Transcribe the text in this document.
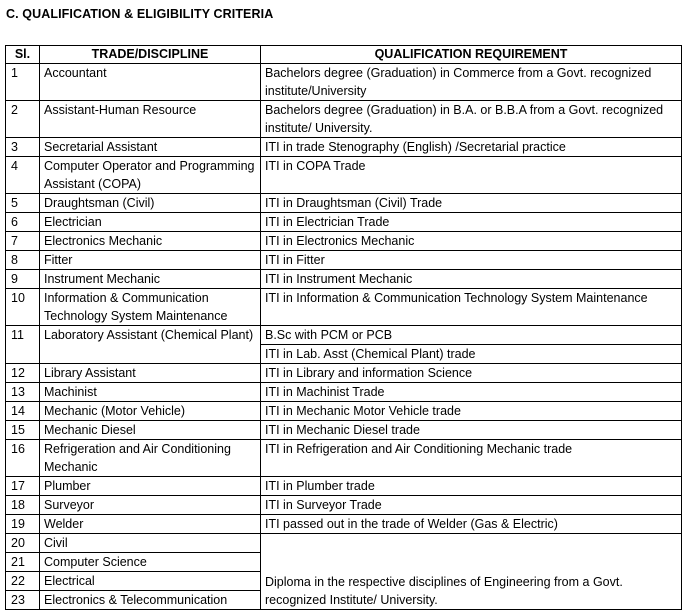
C. QUALIFICATION & ELIGIBILITY CRITERIA
Sl.	TRADE/DISCIPLINE	QUALIFICATION REQUIREMENT
1	Accountant	Bachelors degree (Graduation) in Commerce from a Govt. recognized institute/University
2	Assistant-Human Resource	Bachelors degree (Graduation) in B.A. or B.B.A from a Govt. recognized institute/ University.
3	Secretarial Assistant	ITI in trade Stenography (English) /Secretarial practice
4	Computer Operator and Programming Assistant (COPA)	ITI in COPA Trade
5	Draughtsman (Civil)	ITI in Draughtsman (Civil) Trade
6	Electrician	ITI in Electrician Trade
7	Electronics Mechanic	ITI in Electronics Mechanic
8	Fitter	ITI in Fitter
9	Instrument Mechanic	ITI in Instrument Mechanic
10	Information & Communication Technology System Maintenance	ITI in Information & Communication Technology System Maintenance
11	Laboratory Assistant (Chemical Plant)	B.Sc with PCM or PCB
		ITI in Lab. Asst (Chemical Plant) trade
12	Library Assistant	ITI in Library and information Science
13	Machinist	ITI in Machinist Trade
14	Mechanic (Motor Vehicle)	ITI in Mechanic Motor Vehicle trade
15	Mechanic Diesel	ITI in Mechanic Diesel trade
16	Refrigeration and Air Conditioning Mechanic	ITI in Refrigeration and Air Conditioning Mechanic trade
17	Plumber	ITI in Plumber trade
18	Surveyor	ITI in Surveyor Trade
19	Welder	ITI passed out in the trade of Welder (Gas & Electric)
20	Civil	Diploma in the respective disciplines of Engineering from a Govt. recognized Institute/ University.
21	Computer Science	
22	Electrical	
23	Electronics & Telecommunication	
